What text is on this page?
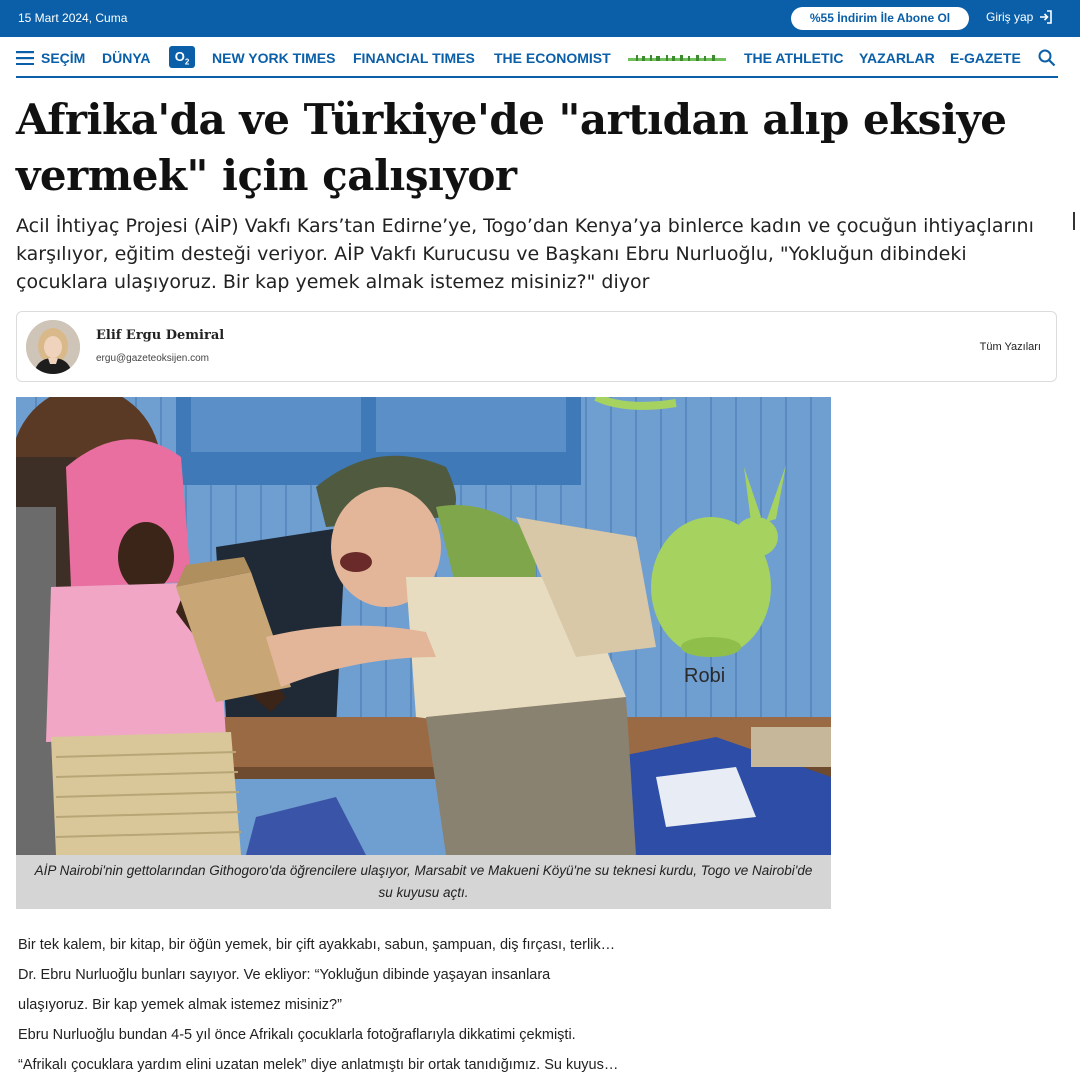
15 Mart 2024, Cuma	%55 İndirim İle Abone Ol	Giriş yap
SEÇİM DÜNYA	$O_2$	NEW YORK TIMES FINANCIAL TIMES THE ECONOMIST	THE ATHLETIC YAZARLAR E-GAZETE
Afrika'da ve Türkiye'de "artıdan alıp eksiye vermek" için çalışıyor

Acil İhtiyaç Projesi (AİP) Vakfı Kars’tan Edirne’ye, Togo’dan Kenya’ya binlerce kadın ve çocuğun ihtiyaçlarını karşılıyor, eğitim desteği veriyor. AİP Vakfı Kurucusu ve Başkanı Ebru Nurluoğlu, "Yokluğun dibindeki çocuklara ulaşıyoruz. Bir kap yemek almak istemez misiniz?" diyor

Elif Ergu Demiral
ergu@gazeteoksijen.com
Tüm Yazıları
Robi
AİP Nairobi'nin gettolarından Githogoro'da öğrencilere ulaşıyor, Marsabit ve Makueni Köyü'ne su teknesi kurdu, Togo ve Nairobi'de su kuyusu açtı.

Bir tek kalem, bir kitap, bir öğün yemek, bir çift ayakkabı, sabun, şampuan, diş fırçası, terlik…

Dr. Ebru Nurluoğlu bunları sayıyor. Ve ekliyor: “Yokluğun dibinde yaşayan insanlara

ulaşıyoruz. Bir kap yemek almak istemez misiniz?”

Ebru Nurluoğlu bundan 4-5 yıl önce Afrikalı çocuklarla fotoğraflarıyla dikkatimi çekmişti.

“Afrikalı çocuklara yardım elini uzatan melek” diye anlatmıştı bir ortak tanıdığımız. Su kuyus…
